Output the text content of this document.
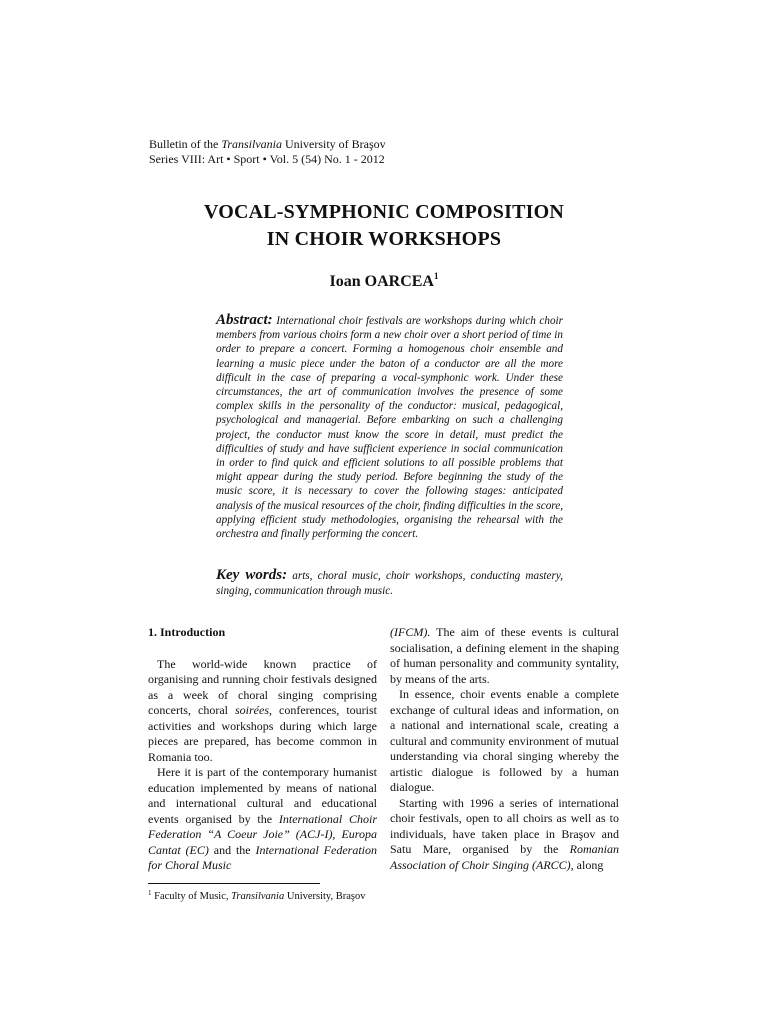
Bulletin of the Transilvania University of Braşov
Series VIII: Art • Sport • Vol. 5 (54) No. 1 - 2012
VOCAL-SYMPHONIC COMPOSITION
IN CHOIR WORKSHOPS
Ioan OARCEA$^1$
Abstract: International choir festivals are workshops during which choir members from various choirs form a new choir over a short period of time in order to prepare a concert. Forming a homogenous choir ensemble and learning a music piece under the baton of a conductor are all the more difficult in the case of preparing a vocal-symphonic work. Under these circumstances, the art of communication involves the presence of some complex skills in the personality of the conductor: musical, pedagogical, psychological and managerial. Before embarking on such a challenging project, the conductor must know the score in detail, must predict the difficulties of study and have sufficient experience in social communication in order to find quick and efficient solutions to all possible problems that might appear during the study period. Before beginning the study of the music score, it is necessary to cover the following stages: anticipated analysis of the musical resources of the choir, finding difficulties in the score, applying efficient study methodologies, organising the rehearsal with the orchestra and finally performing the concert.
Key words: arts, choral music, choir workshops, conducting mastery, singing, communication through music.
1. Introduction

The world-wide known practice of organising and running choir festivals designed as a week of choral singing comprising concerts, choral soirées, conferences, tourist activities and workshops during which large pieces are prepared, has become common in Romania too.

Here it is part of the contemporary humanist education implemented by means of national and international cultural and educational events organised by the International Choir Federation “A Coeur Joie” (ACJ-I), Europa Cantat (EC) and the International Federation for Choral Music

(IFCM). The aim of these events is cultural socialisation, a defining element in the shaping of human personality and community syntality, by means of the arts.

In essence, choir events enable a complete exchange of cultural ideas and information, on a national and international scale, creating a cultural and community environment of mutual understanding via choral singing whereby the artistic dialogue is followed by a human dialogue.

Starting with 1996 a series of international choir festivals, open to all choirs as well as to individuals, have taken place in Braşov and Satu Mare, organised by the Romanian Association of Choir Singing (ARCC), along

$^1$ Faculty of Music, Transilvania University, Braşov
